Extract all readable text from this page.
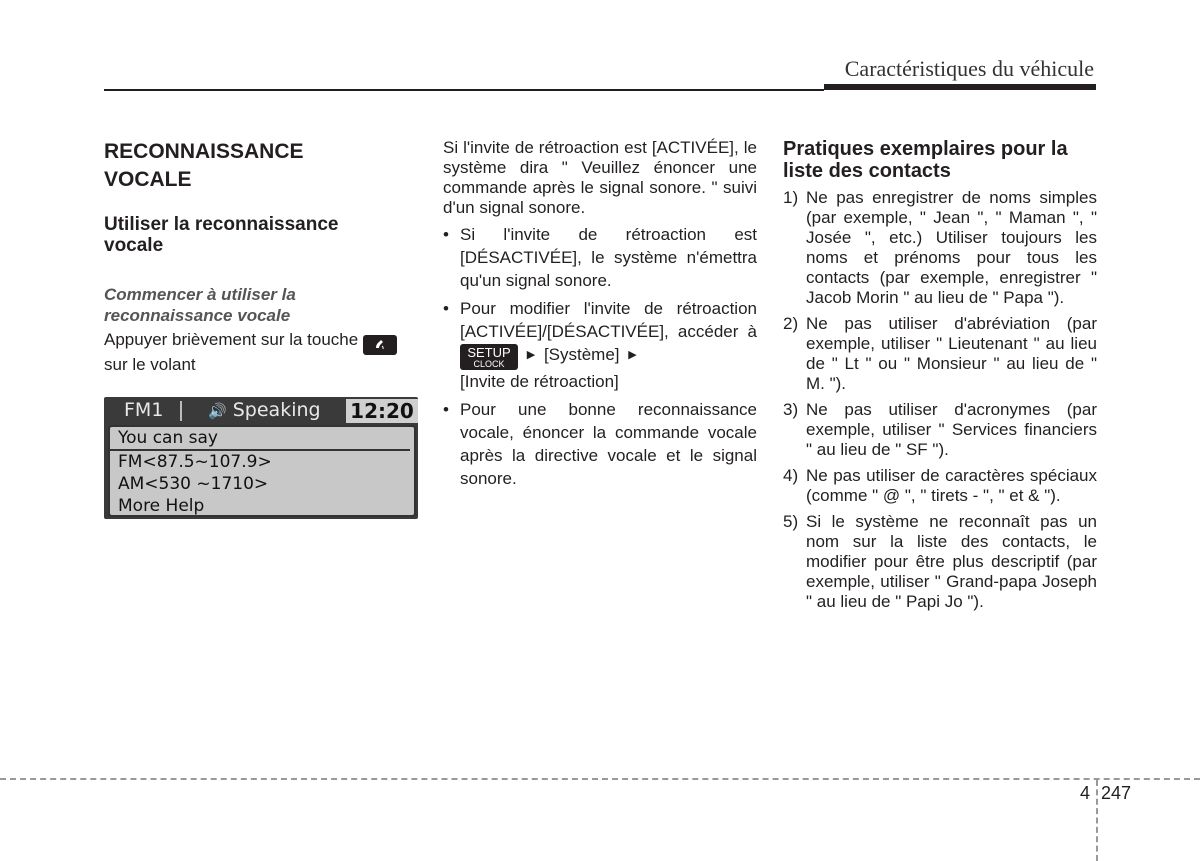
Caractéristiques du véhicule
RECONNAISSANCE
VOCALE
Utiliser la reconnaissance
vocale
Commencer à utiliser la
reconnaissance vocale

Appuyer brièvement sur la touche
sur le volant

FM1	🔊 Speaking 12:20
You can say
FM<87.5~107.9>
AM<530 ~1710>
More Help

Si l'invite de rétroaction est [ACTIVÉE], le système dira " Veuillez énoncer une commande après le signal sonore. " suivi d'un signal sonore.

• Si l'invite de rétroaction est [DÉSACTIVÉE], le système n'émettra qu'un signal sonore.
• Pour modifier l'invite de rétroaction [ACTIVÉE]/[DÉSACTIVÉE], accéder à
SETUP
CLOCK
▶ [Système] ▶
[Invite de rétroaction]
• Pour une bonne reconnaissance vocale, énoncer la commande vocale après la directive vocale et le signal sonore.
Pratiques exemplaires pour la
liste des contacts
1) Ne pas enregistrer de noms simples (par exemple, " Jean ", " Maman ", " Josée ", etc.) Utiliser toujours les noms et prénoms pour tous les contacts (par exemple, enregistrer " Jacob Morin " au lieu de " Papa ").
2) Ne pas utiliser d'abréviation (par exemple, utiliser " Lieutenant " au lieu de " Lt " ou " Monsieur " au lieu de " M. ").
3) Ne pas utiliser d'acronymes (par exemple, utiliser " Services financiers " au lieu de " SF ").
4) Ne pas utiliser de caractères spéciaux (comme " @ ", " tirets - ", " et & ").
5) Si le système ne reconnaît pas un nom sur la liste des contacts, le modifier pour être plus descriptif (par exemple, utiliser " Grand-papa Joseph " au lieu de " Papi Jo ").
4 247
